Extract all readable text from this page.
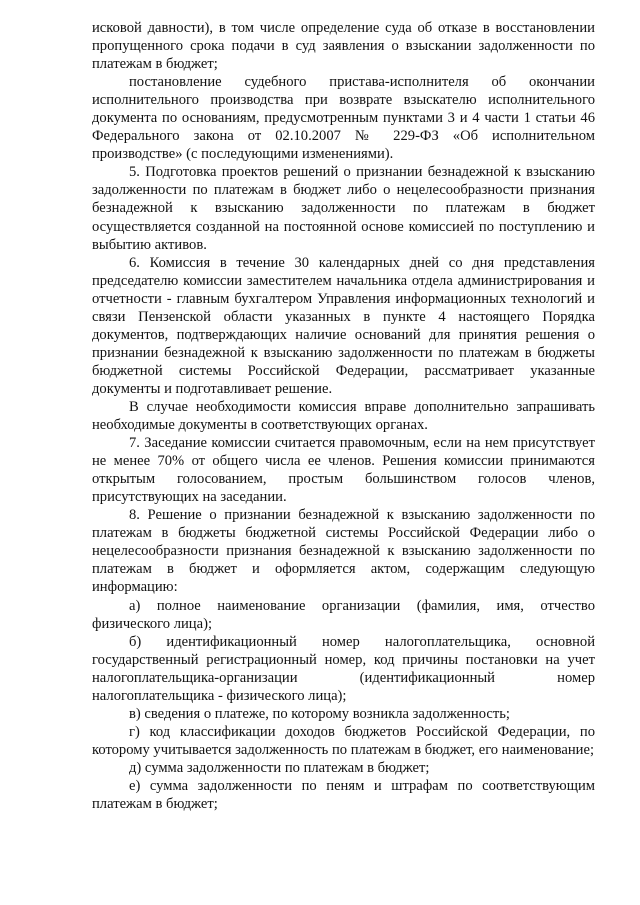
исковой давности), в том числе определение суда об отказе в восстановлении пропущенного срока подачи в суд заявления о взыскании задолженности по платежам в бюджет;

постановление судебного пристава-исполнителя об окончании исполнительного производства при возврате взыскателю исполнительного документа по основаниям, предусмотренным пунктами 3 и 4 части 1 статьи 46 Федерального закона от 02.10.2007 № 229-ФЗ «Об исполнительном производстве» (с последующими изменениями).

5. Подготовка проектов решений о признании безнадежной к взысканию задолженности по платежам в бюджет либо о нецелесообразности признания безнадежной к взысканию задолженности по платежам в бюджет осуществляется созданной на постоянной основе комиссией по поступлению и выбытию активов.

6. Комиссия в течение 30 календарных дней со дня представления председателю комиссии заместителем начальника отдела администрирования и отчетности - главным бухгалтером Управления информационных технологий и связи Пензенской области указанных в пункте 4 настоящего Порядка документов, подтверждающих наличие оснований для принятия решения о признании безнадежной к взысканию задолженности по платежам в бюджеты бюджетной системы Российской Федерации, рассматривает указанные документы и подготавливает решение.

В случае необходимости комиссия вправе дополнительно запрашивать необходимые документы в соответствующих органах.

7. Заседание комиссии считается правомочным, если на нем присутствует не менее 70% от общего числа ее членов. Решения комиссии принимаются открытым голосованием, простым большинством голосов членов, присутствующих на заседании.

8. Решение о признании безнадежной к взысканию задолженности по платежам в бюджеты бюджетной системы Российской Федерации либо о нецелесообразности признания безнадежной к взысканию задолженности по платежам в бюджет и оформляется актом, содержащим следующую информацию:

а) полное наименование организации (фамилия, имя, отчество физического лица);

б) идентификационный номер налогоплательщика, основной государственный регистрационный номер, код причины постановки на учет налогоплательщика-организации (идентификационный номер налогоплательщика - физического лица);

в) сведения о платеже, по которому возникла задолженность;

г) код классификации доходов бюджетов Российской Федерации, по которому учитывается задолженность по платежам в бюджет, его наименование;

д) сумма задолженности по платежам в бюджет;

е) сумма задолженности по пеням и штрафам по соответствующим платежам в бюджет;
